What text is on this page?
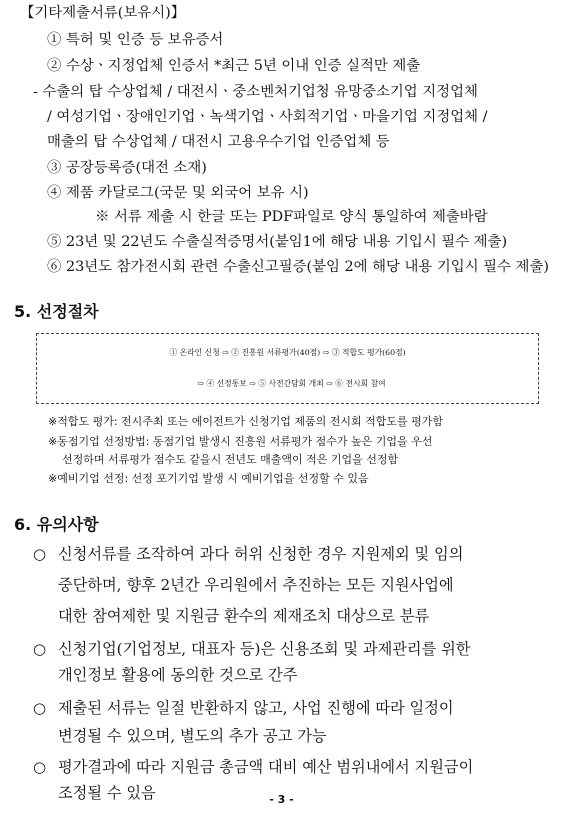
【기타제출서류(보유시)】
① 특허 및 인증 등 보유증서
② 수상ㆍ지정업체 인증서 *최근 5년 이내 인증 실적만 제출
- 수출의 탑 수상업체 / 대전시ㆍ중소벤처기업청 유망중소기업 지정업체
/ 여성기업ㆍ장애인기업ㆍ녹색기업ㆍ사회적기업ㆍ마을기업 지정업체 /
매출의 탑 수상업체 / 대전시 고용우수기업 인증업체 등
③ 공장등록증(대전 소재)
④ 제품 카달로그(국문 및 외국어 보유 시)
※ 서류 제출 시 한글 또는 PDF파일로 양식 통일하여 제출바람
⑤ 23년 및 22년도 수출실적증명서(붙임1에 해당 내용 기입시 필수 제출)
⑥ 23년도 참가전시회 관련 수출신고필증(붙임 2에 해당 내용 기입시 필수 제출)
5. 선정절차
① 온라인 신청 ⇨ ② 진흥원 서류평가(40점) ⇨ ③ 적합도 평가(60점)
⇨ ④ 선정통보 ⇨ ⑤ 사전간담회 개최 ⇨ ⑥ 전시회 참여
※적합도 평가: 전시주최 또는 에이전트가 신청기업 제품의 전시회 적합도를 평가함
※동점기업 선정방법: 동점기업 발생시 진흥원 서류평가 점수가 높은 기업을 우선
선정하며 서류평가 점수도 같을시 전년도 매출액이 적은 기업을 선정함
※예비기업 선정: 선정 포기기업 발생 시 예비기업을 선정할 수 있음
6. 유의사항
○ 신청서류를 조작하여 과다 허위 신청한 경우 지원제외 및 임의
중단하며, 향후 2년간 우리원에서 추진하는 모든 지원사업에
대한 참여제한 및 지원금 환수의 제재조치 대상으로 분류
○ 신청기업(기업정보, 대표자 등)은 신용조회 및 과제관리를 위한
개인정보 활용에 동의한 것으로 간주
○ 제출된 서류는 일절 반환하지 않고, 사업 진행에 따라 일정이
변경될 수 있으며, 별도의 추가 공고 가능
○ 평가결과에 따라 지원금 총금액 대비 예산 범위내에서 지원금이
조정될 수 있음	- 3 -
